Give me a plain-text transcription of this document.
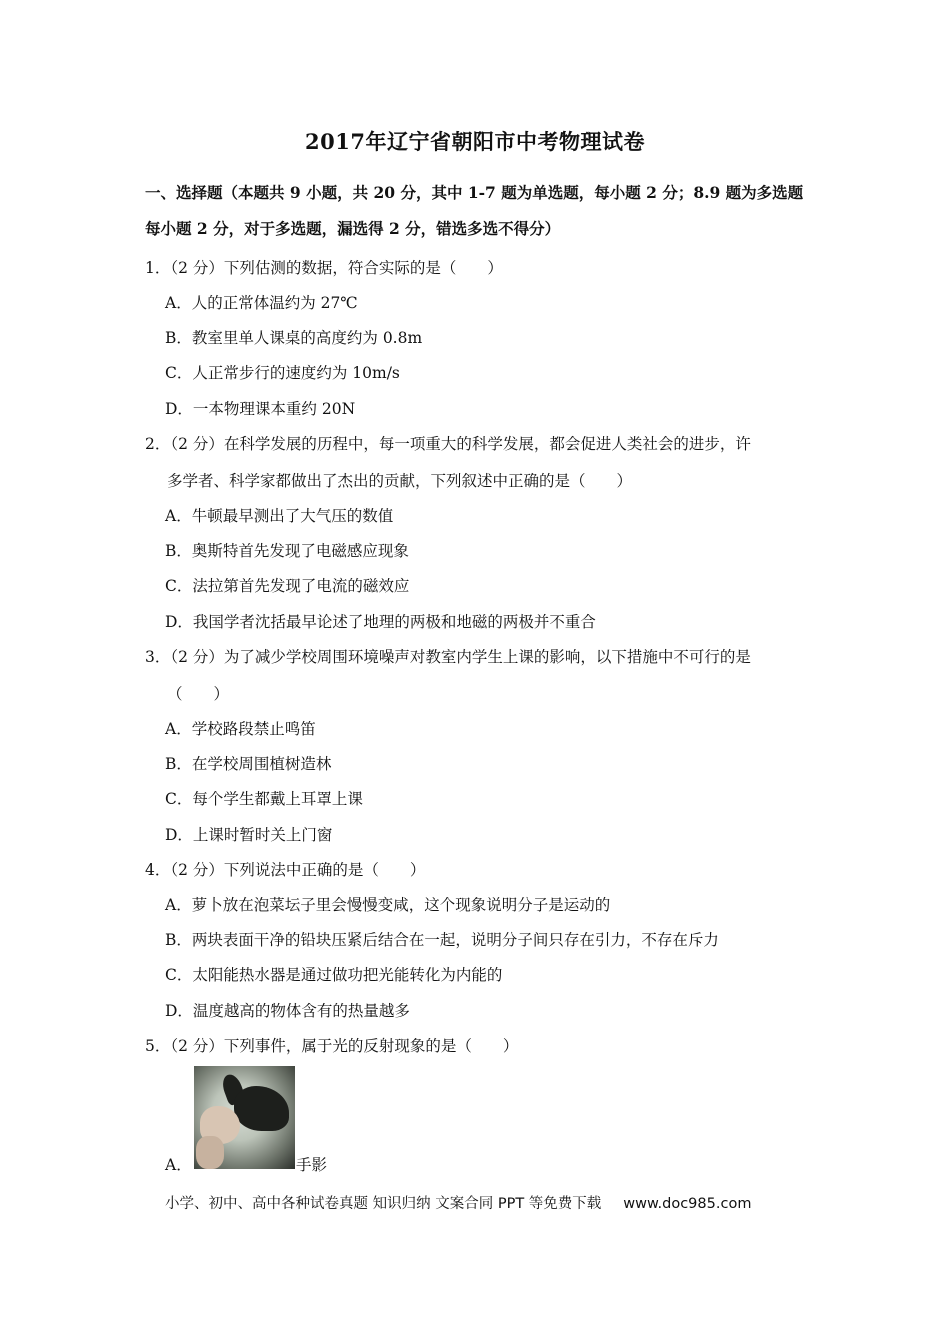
2017年辽宁省朝阳市中考物理试卷
一、选择题（本题共 9 小题，共 20 分，其中 1-7 题为单选题，每小题 2 分；8.9 题为多选题
每小题 2 分，对于多选题，漏选得 2 分，错选多选不得分）
1．（2 分）下列估测的数据，符合实际的是（　　）
A．人的正常体温约为 27℃
B．教室里单人课桌的高度约为 0.8m
C．人正常步行的速度约为 10m/s
D．一本物理课本重约 20N
2．（2 分）在科学发展的历程中，每一项重大的科学发展，都会促进人类社会的进步，许
多学者、科学家都做出了杰出的贡献，下列叙述中正确的是（　　）
A．牛顿最早测出了大气压的数值
B．奥斯特首先发现了电磁感应现象
C．法拉第首先发现了电流的磁效应
D．我国学者沈括最早论述了地理的两极和地磁的两极并不重合
3．（2 分）为了减少学校周围环境噪声对教室内学生上课的影响，以下措施中不可行的是
（　　）
A．学校路段禁止鸣笛
B．在学校周围植树造林
C．每个学生都戴上耳罩上课
D．上课时暂时关上门窗
4．（2 分）下列说法中正确的是（　　）
A．萝卜放在泡菜坛子里会慢慢变咸，这个现象说明分子是运动的
B．两块表面干净的铅块压紧后结合在一起，说明分子间只存在引力，不存在斥力
C．太阳能热水器是通过做功把光能转化为内能的
D．温度越高的物体含有的热量越多
5．（2 分）下列事件，属于光的反射现象的是（　　）
A．	手影
小学、初中、高中各种试卷真题 知识归纳 文案合同 PPT 等免费下载 www.doc985.com
